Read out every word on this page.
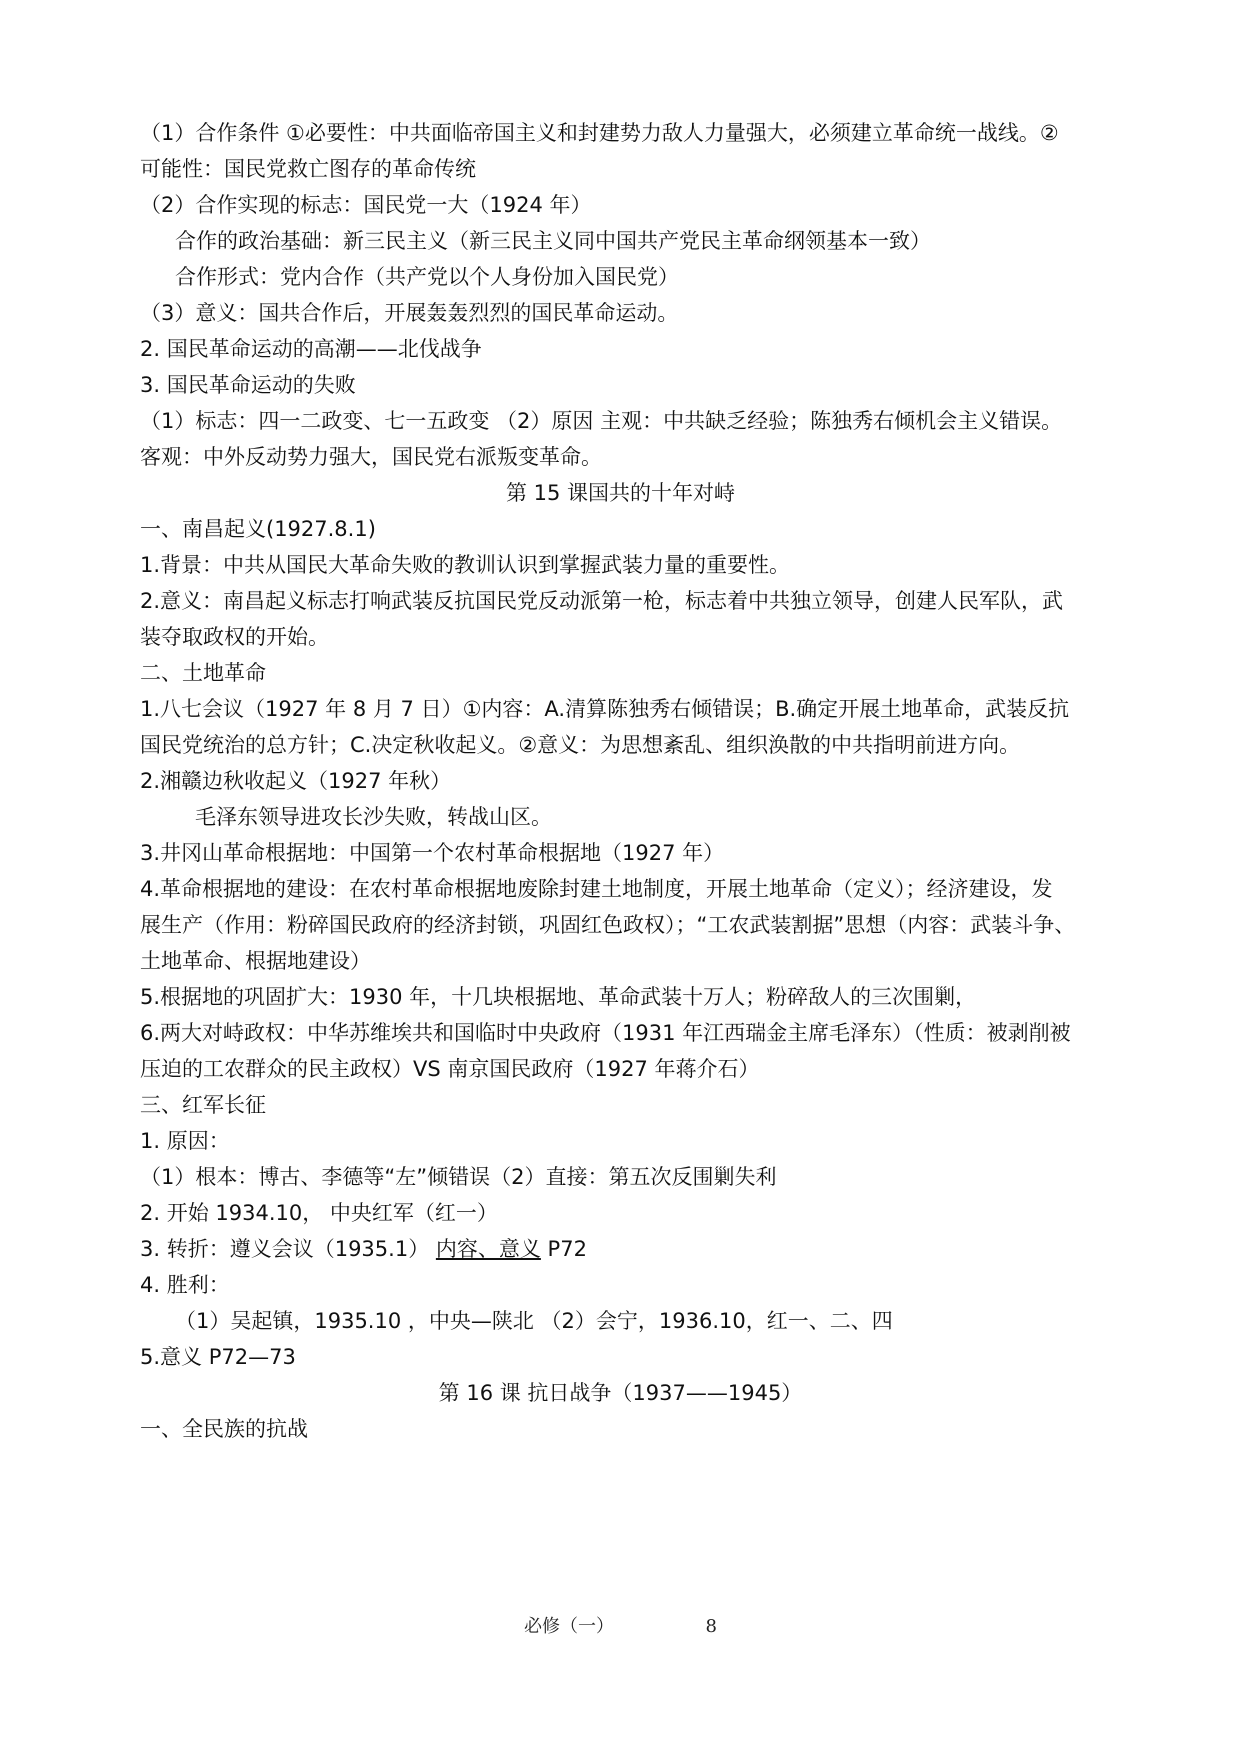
（1）合作条件 ①必要性：中共面临帝国主义和封建势力敌人力量强大，必须建立革命统一战线。②
可能性：国民党救亡图存的革命传统
（2）合作实现的标志：国民党一大（1924 年）
合作的政治基础：新三民主义（新三民主义同中国共产党民主革命纲领基本一致）
合作形式：党内合作（共产党以个人身份加入国民党）
（3）意义：国共合作后，开展轰轰烈烈的国民革命运动。
2. 国民革命运动的高潮——北伐战争
3. 国民革命运动的失败
（1）标志：四一二政变、七一五政变 （2）原因 主观：中共缺乏经验；陈独秀右倾机会主义错误。
客观：中外反动势力强大，国民党右派叛变革命。
第 15 课国共的十年对峙
一、南昌起义(1927.8.1)
1.背景：中共从国民大革命失败的教训认识到掌握武装力量的重要性。
2.意义：南昌起义标志打响武装反抗国民党反动派第一枪，标志着中共独立领导，创建人民军队，武
装夺取政权的开始。
二、土地革命
1.八七会议（1927 年 8 月 7 日）①内容：A.清算陈独秀右倾错误；B.确定开展土地革命，武装反抗
国民党统治的总方针；C.决定秋收起义。②意义：为思想紊乱、组织涣散的中共指明前进方向。
2.湘赣边秋收起义（1927 年秋）
毛泽东领导进攻长沙失败，转战山区。
3.井冈山革命根据地：中国第一个农村革命根据地（1927 年）
4.革命根据地的建设：在农村革命根据地废除封建土地制度，开展土地革命（定义）；经济建设，发
展生产（作用：粉碎国民政府的经济封锁，巩固红色政权）；“工农武装割据”思想（内容：武装斗争、
土地革命、根据地建设）
5.根据地的巩固扩大：1930 年，十几块根据地、革命武装十万人；粉碎敌人的三次围剿，
6.两大对峙政权：中华苏维埃共和国临时中央政府（1931 年江西瑞金主席毛泽东）（性质：被剥削被
压迫的工农群众的民主政权）VS 南京国民政府（1927 年蒋介石）
三、红军长征
1. 原因：
（1）根本：博古、李德等“左”倾错误（2）直接：第五次反围剿失利
2. 开始 1934.10， 中央红军（红一）
3. 转折：遵义会议（1935.1） 内容、意义 P72
4. 胜利：
（1）吴起镇，1935.10 ，中央—陕北 （2）会宁，1936.10，红一、二、四
5.意义 P72—73
第 16 课 抗日战争（1937——1945）
一、全民族的抗战
必修（一）	8
